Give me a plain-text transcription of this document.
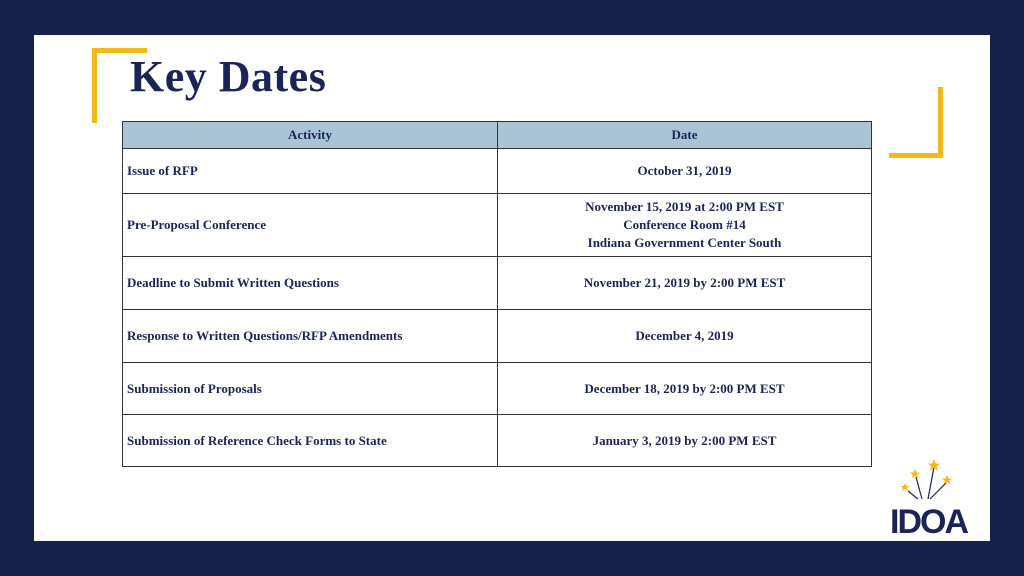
Key Dates
Activity	Date
Issue of RFP	October 31, 2019

Pre-Proposal Conference	November 15, 2019 at 2:00 PM EST
Conference Room #14
Indiana Government Center South

Deadline to Submit Written Questions	November 21, 2019 by 2:00 PM EST

Response to Written Questions/RFP Amendments	December 4, 2019

Submission of Proposals	December 18, 2019 by 2:00 PM EST

Submission of Reference Check Forms to State	January 3, 2019 by 2:00 PM EST
IDOA
